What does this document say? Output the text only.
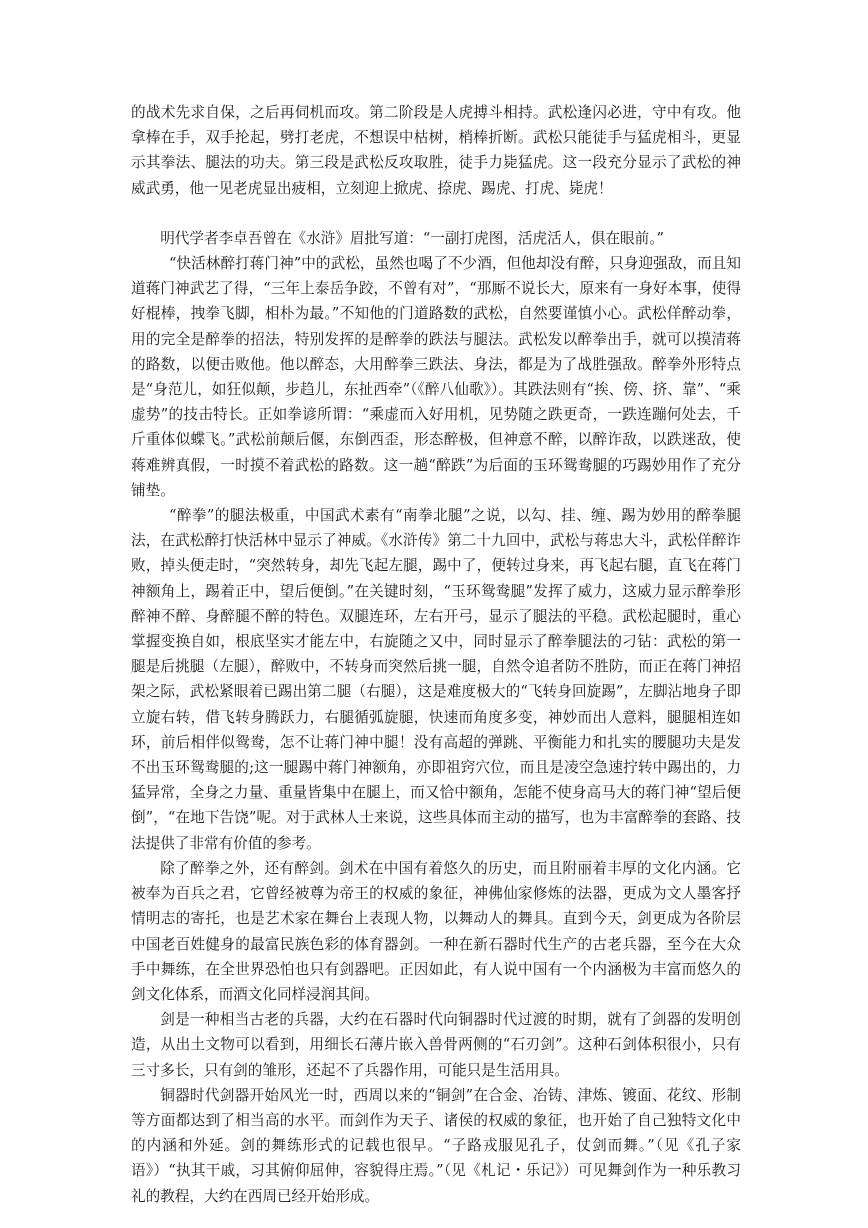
的战术先求自保，之后再伺机而攻。第二阶段是人虎搏斗相持。武松逢闪必进，守中有攻。他拿棒在手，双手抡起，劈打老虎，不想误中枯树，梢棒折断。武松只能徒手与猛虎相斗，更显示其拳法、腿法的功夫。第三段是武松反攻取胜，徒手力毙猛虎。这一段充分显示了武松的神威武勇，他一见老虎显出疲相，立刻迎上掀虎、捺虎、踢虎、打虎、毙虎！

明代学者李卓吾曾在《水浒》眉批写道：“一副打虎图，活虎活人，俱在眼前。”

“快活林醉打蒋门神”中的武松，虽然也喝了不少酒，但他却没有醉，只身迎强敌，而且知道蒋门神武艺了得，“三年上泰岳争跤，不曾有对”，“那厮不说长大，原来有一身好本事，使得好棍棒，拽拳飞脚，相朴为最。”不知他的门道路数的武松，自然要谨慎小心。武松佯醉动拳，用的完全是醉拳的招法，特别发挥的是醉拳的跌法与腿法。武松发以醉拳出手，就可以摸清蒋的路数，以便击败他。他以醉态，大用醉拳三跌法、身法，都是为了战胜强敌。醉拳外形特点是“身范儿，如狂似颠，步趋儿，东扯西牵”（《醉八仙歌》）。其跌法则有“挨、傍、挤、靠”、“乘虚势”的技击特长。正如拳谚所谓：“乘虚而入好用机，见势随之跌更奇，一跌连蹦何处去，千斤重体似蝶飞。”武松前颠后偃，东倒西歪，形态醉极，但神意不醉，以醉诈敌，以跌迷敌，使蒋难辨真假，一时摸不着武松的路数。这一趟“醉跌”为后面的玉环鸳鸯腿的巧踢妙用作了充分铺垫。

“醉拳”的腿法极重，中国武术素有“南拳北腿”之说，以勾、挂、缠、踢为妙用的醉拳腿法，在武松醉打快活林中显示了神威。《水浒传》第二十九回中，武松与蒋忠大斗，武松佯醉诈败，掉头便走时，“突然转身，却先飞起左腿，踢中了，便转过身来，再飞起右腿，直飞在蒋门神额角上，踢着正中，望后便倒。”在关键时刻，“玉环鸳鸯腿”发挥了威力，这威力显示醉拳形醉神不醉、身醉腿不醉的特色。双腿连环，左右开弓，显示了腿法的平稳。武松起腿时，重心掌握变换自如，根底坚实才能左中，右旋随之又中，同时显示了醉拳腿法的刁钻：武松的第一腿是后挑腿（左腿），醉败中，不转身而突然后挑一腿，自然令追者防不胜防，而正在蒋门神招架之际，武松紧眼着已踢出第二腿（右腿），这是难度极大的“飞转身回旋踢”，左脚沾地身子即立旋右转，借飞转身腾跃力，右腿循弧旋腿，快速而角度多变，神妙而出人意料，腿腿相连如环，前后相伴似鸳鸯，怎不让蒋门神中腿！没有高超的弹跳、平衡能力和扎实的腰腿功夫是发不出玉环鸳鸯腿的;这一腿踢中蒋门神额角，亦即祖窍穴位，而且是凌空急速拧转中踢出的，力猛异常，全身之力量、重量皆集中在腿上，而又恰中额角，怎能不使身高马大的蒋门神“望后便倒”，“在地下告饶”呢。对于武林人士来说，这些具体而主动的描写，也为丰富醉拳的套路、技法提供了非常有价值的参考。

除了醉拳之外，还有醉剑。剑术在中国有着悠久的历史，而且附丽着丰厚的文化内涵。它被奉为百兵之君，它曾经被尊为帝王的权威的象征，神佛仙家修炼的法器，更成为文人墨客抒情明志的寄托，也是艺术家在舞台上表现人物，以舞动人的舞具。直到今天，剑更成为各阶层中国老百姓健身的最富民族色彩的体育器剑。一种在新石器时代生产的古老兵器，至今在大众手中舞练，在全世界恐怕也只有剑器吧。正因如此，有人说中国有一个内涵极为丰富而悠久的剑文化体系，而酒文化同样浸润其间。

剑是一种相当古老的兵器，大约在石器时代向铜器时代过渡的时期，就有了剑器的发明创造，从出土文物可以看到，用细长石薄片嵌入兽骨两侧的“石刃剑”。这种石剑体积很小，只有三寸多长，只有剑的雏形，还起不了兵器作用，可能只是生活用具。

铜器时代剑器开始风光一时，西周以来的“铜剑”在合金、冶铸、津炼、镀面、花纹、形制等方面都达到了相当高的水平。而剑作为天子、诸侯的权威的象征，也开始了自己独特文化中的内涵和外延。剑的舞练形式的记载也很早。“子路戎服见孔子，仗剑而舞。”（见《孔子家语》）“执其干戚，习其俯仰屈伸，容貌得庄焉。”（见《札记・乐记》）可见舞剑作为一种乐教习礼的教程，大约在西周已经开始形成。
